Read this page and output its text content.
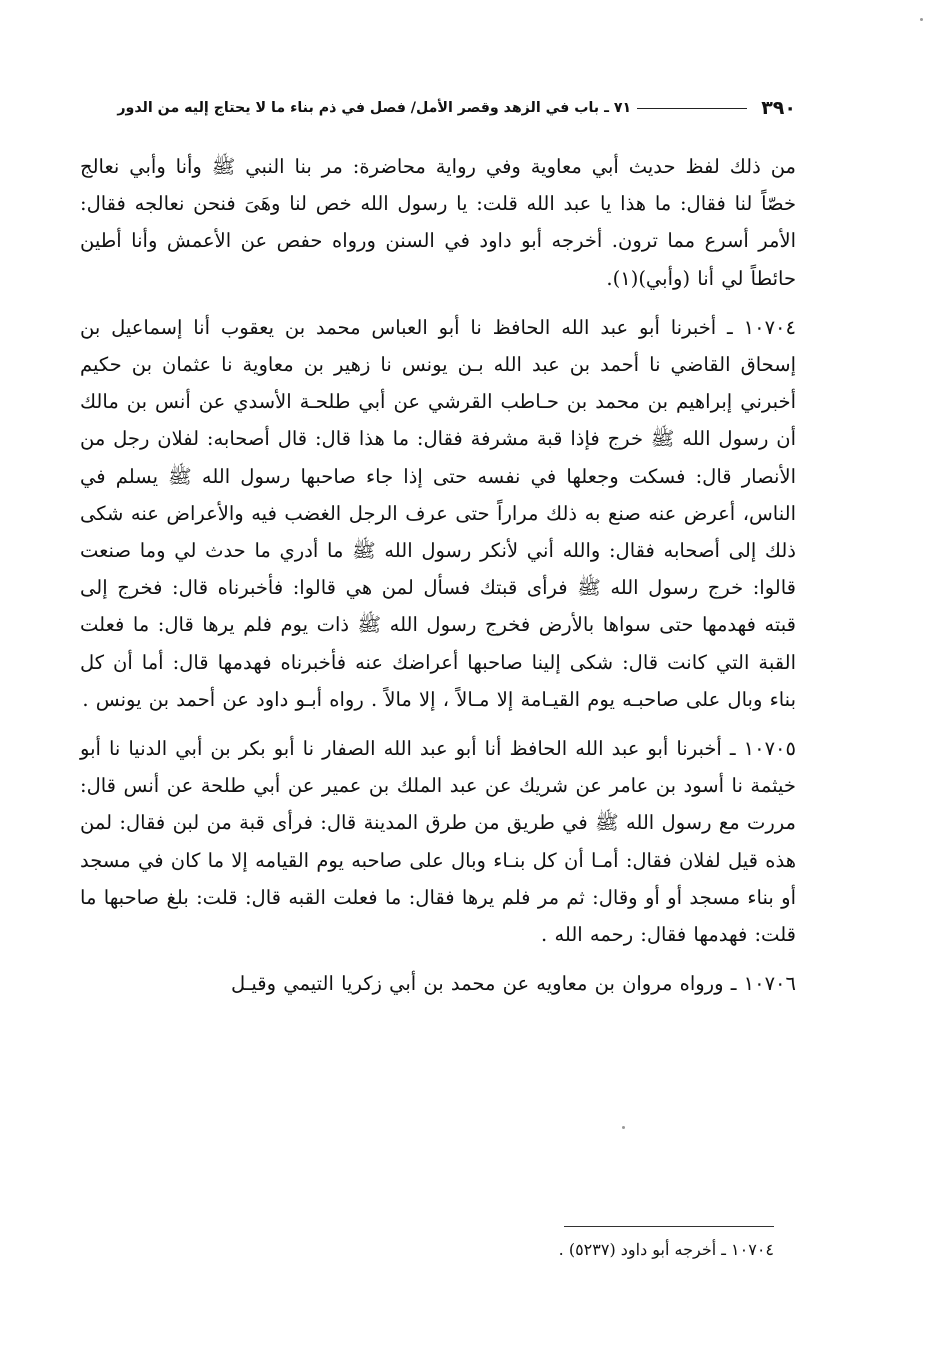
٣٩٠
٧١ ـ باب في الزهد وقصر الأمل/ فصل في ذم بناء ما لا يحتاج إليه من الدور

من ذلك لفظ حديث أبي معاوية وفي رواية محاضرة: مر بنا النبي ﷺ وأنا وأبي نعالج خصّاً لنا فقال: ما هذا يا عبد الله قلت: يا رسول الله خص لنا وهَىَ فنحن نعالجه فقال: الأمر أسرع مما ترون. أخرجه أبو داود في السنن ورواه حفص عن الأعمش وأنا أطين حائطاً لي أنا (وأبي)(١).

١٠٧٠٤ ـ أخبرنا أبو عبد الله الحافظ نا أبو العباس محمد بن يعقوب أنا إسماعيل بن إسحاق القاضي نا أحمد بن عبد الله بـن يونس نا زهير بن معاوية نا عثمان بن حكيم أخبرني إبراهيم بن محمد بن حـاطب القرشي عن أبي طلحـة الأسدي عن أنس بن مالك أن رسول الله ﷺ خرج فإذا قبة مشرفة فقال: ما هذا قال: قال أصحابه: لفلان رجل من الأنصار قال: فسكت وجعلها في نفسه حتى إذا جاء صاحبها رسول الله ﷺ يسلم في الناس، أعرض عنه صنع به ذلك مراراً حتى عرف الرجل الغضب فيه والأعراض عنه شكى ذلك إلى أصحابه فقال: والله أني لأنكر رسول الله ﷺ ما أدري ما حدث لي وما صنعت قالوا: خرج رسول الله ﷺ فرأى قبتك فسأل لمن هي قالوا: فأخبرناه قال: فخرج إلى قبته فهدمها حتى سواها بالأرض فخرج رسول الله ﷺ ذات يوم فلم يرها قال: ما فعلت القبة التي كانت قال: شكى إلينا صاحبها أعراضك عنه فأخبرناه فهدمها قال: أما أن كل بناء وبال على صاحبـه يوم القيـامة إلا مـالاً ، إلا مالاً . رواه أبـو داود عن أحمد بن يونس .

١٠٧٠٥ ـ أخبرنا أبو عبد الله الحافظ أنا أبو عبد الله الصفار نا أبو بكر بن أبي الدنيا نا أبو خيثمة نا أسود بن عامر عن شريك عن عبد الملك بن عمير عن أبي طلحة عن أنس قال: مررت مع رسول الله ﷺ في طريق من طرق المدينة قال: فرأى قبة من لبن فقال: لمن هذه قيل لفلان فقال: أمـا أن كل بنـاء وبال على صاحبه يوم القيامه إلا ما كان في مسجد أو بناء مسجد أو أو وقال: ثم مر فلم يرها فقال: ما فعلت القبه قال: قلت: بلغ صاحبها ما قلت: فهدمها فقال: رحمه الله .

١٠٧٠٦ ـ ورواه مروان بن معاويه عن محمد بن أبي زكريا التيمي وقيـل

١٠٧٠٤ ـ أخرجه أبو داود (٥٢٣٧) .
